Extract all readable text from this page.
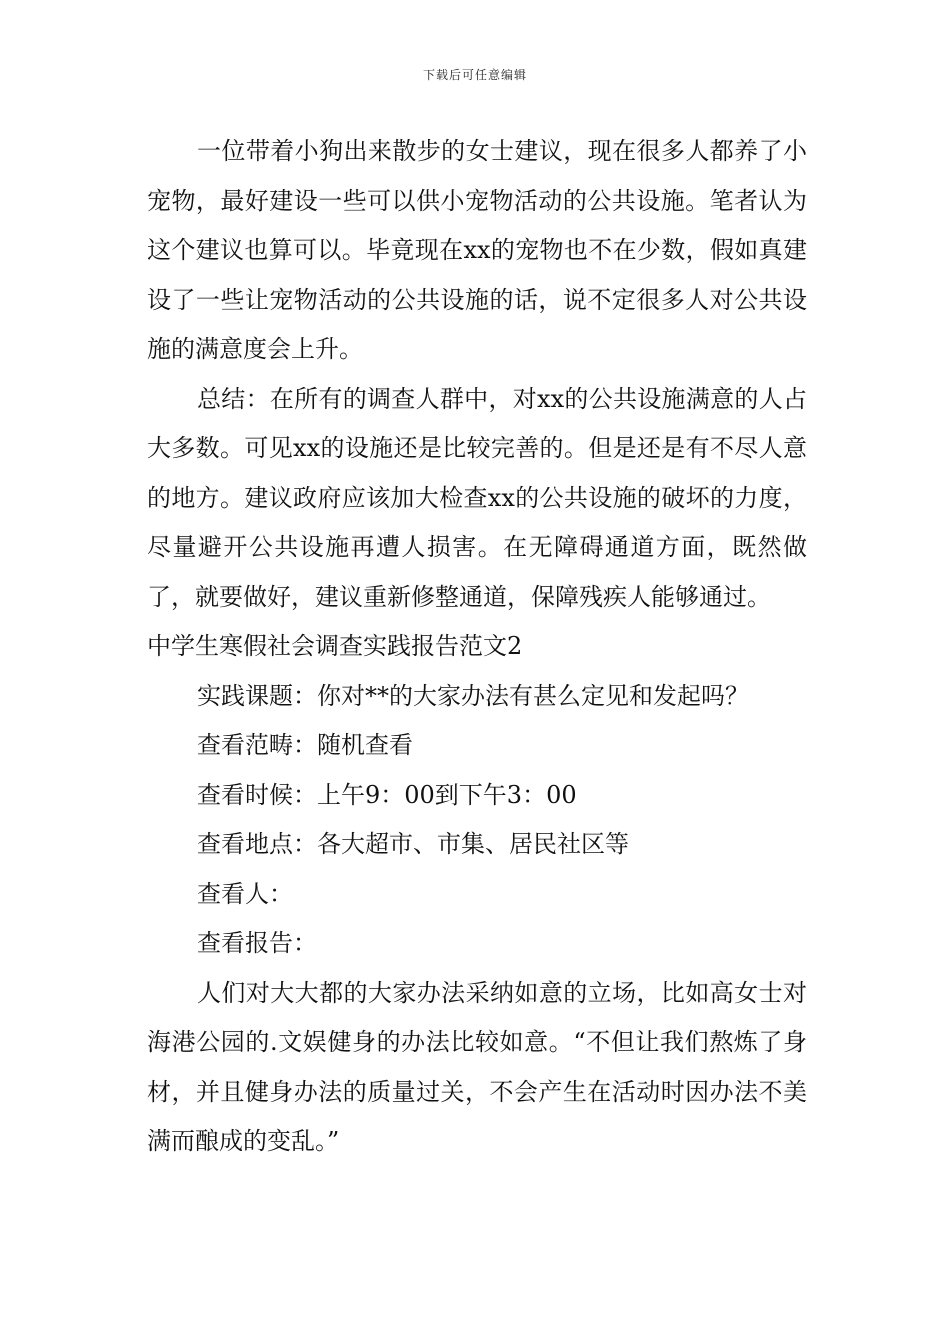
下载后可任意编辑

一位带着小狗出来散步的女士建议，现在很多人都养了小宠物，最好建设一些可以供小宠物活动的公共设施。笔者认为这个建议也算可以。毕竟现在xx的宠物也不在少数，假如真建设了一些让宠物活动的公共设施的话，说不定很多人对公共设施的满意度会上升。

总结：在所有的调查人群中，对xx的公共设施满意的人占大多数。可见xx的设施还是比较完善的。但是还是有不尽人意的地方。建议政府应该加大检查xx的公共设施的破坏的力度，尽量避开公共设施再遭人损害。在无障碍通道方面，既然做了，就要做好，建议重新修整通道，保障残疾人能够通过。

中学生寒假社会调查实践报告范文2

实践课题：你对**的大家办法有甚么定见和发起吗？

查看范畴：随机查看

查看时候：上午9：00到下午3：00

查看地点：各大超市、市集、居民社区等

查看人：

查看报告：

人们对大大都的大家办法采纳如意的立场，比如高女士对海港公园的.文娱健身的办法比较如意。“不但让我们熬炼了身材，并且健身办法的质量过关，不会产生在活动时因办法不美满而酿成的变乱。”
